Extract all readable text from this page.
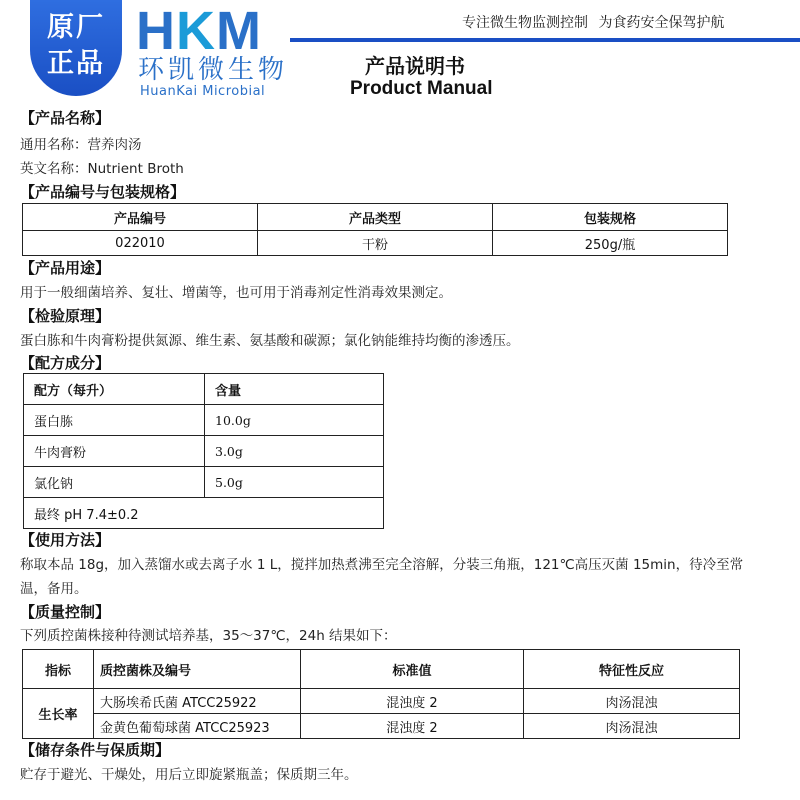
原厂
正品
HKM
环凯微生物
HuanKai Microbial
专注微生物监测控制 为食药安全保驾护航
产品说明书
Product Manual
【产品名称】
通用名称：营养肉汤
英文名称：Nutrient Broth
【产品编号与包装规格】
产品编号	产品类型	包装规格
022010	干粉	250g/瓶
【产品用途】
用于一般细菌培养、复壮、增菌等，也可用于消毒剂定性消毒效果测定。
【检验原理】
蛋白胨和牛肉膏粉提供氮源、维生素、氨基酸和碳源；氯化钠能维持均衡的渗透压。
【配方成分】
配方（每升）	含量
蛋白胨	10.0g
牛肉膏粉	3.0g
氯化钠	5.0g
最终 pH 7.4±0.2	
【使用方法】
称取本品 18g，加入蒸馏水或去离子水 1 L，搅拌加热煮沸至完全溶解，分装三角瓶，121℃高压灭菌 15min，待冷至常
温，备用。
【质量控制】
下列质控菌株接种待测试培养基，35～37℃，24h 结果如下：
指标	质控菌株及编号	标准值	特征性反应
生长率	大肠埃希氏菌 ATCC25922	混浊度 2	肉汤混浊
	金黄色葡萄球菌 ATCC25923	混浊度 2	肉汤混浊
【储存条件与保质期】
贮存于避光、干燥处，用后立即旋紧瓶盖；保质期三年。
